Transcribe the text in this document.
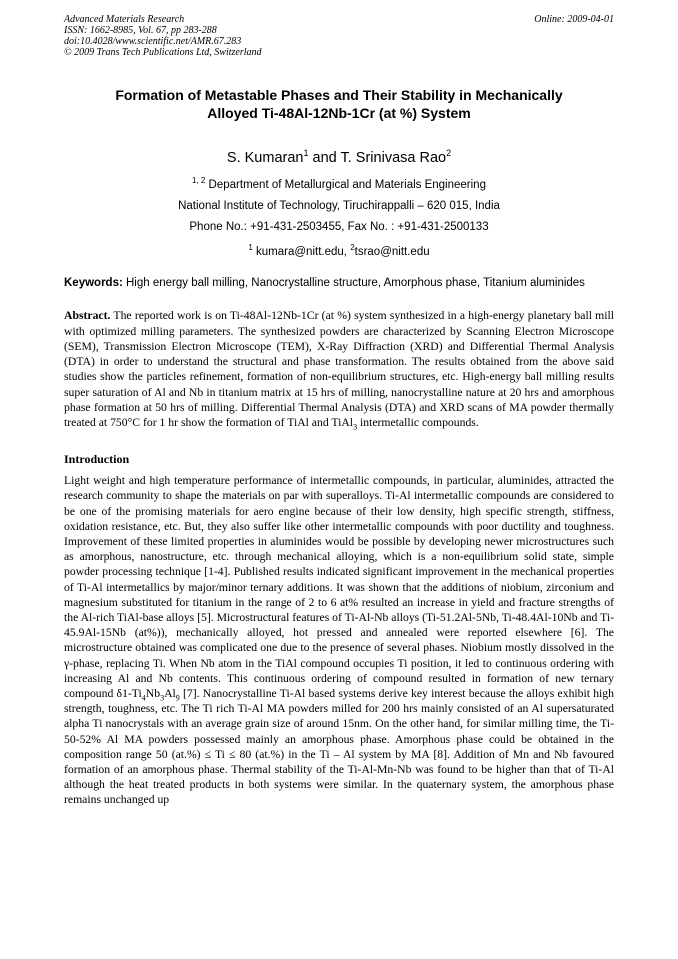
Advanced Materials Research
ISSN: 1662-8985, Vol. 67, pp 283-288
doi:10.4028/www.scientific.net/AMR.67.283
© 2009 Trans Tech Publications Ltd, Switzerland
Online: 2009-04-01
Formation of Metastable Phases and Their Stability in Mechanically
Alloyed Ti-48Al-12Nb-1Cr (at %) System
S. Kumaran$^1$ and T. Srinivasa Rao$^2$
$^{1, 2}$ Department of Metallurgical and Materials Engineering
National Institute of Technology, Tiruchirappalli – 620 015, India
Phone No.: +91-431-2503455, Fax No. : +91-431-2500133
$^1$ kumara@nitt.edu, $^2$tsrao@nitt.edu
Keywords: High energy ball milling, Nanocrystalline structure, Amorphous phase, Titanium aluminides
Abstract. The reported work is on Ti-48Al-12Nb-1Cr (at %) system synthesized in a high-energy planetary ball mill with optimized milling parameters. The synthesized powders are characterized by Scanning Electron Microscope (SEM), Transmission Electron Microscope (TEM), X-Ray Diffraction (XRD) and Differential Thermal Analysis (DTA) in order to understand the structural and phase transformation. The results obtained from the above said studies show the particles refinement, formation of non-equilibrium structures, etc. High-energy ball milling results super saturation of Al and Nb in titanium matrix at 15 hrs of milling, nanocrystalline nature at 20 hrs and amorphous phase formation at 50 hrs of milling. Differential Thermal Analysis (DTA) and XRD scans of MA powder thermally treated at 750°C for 1 hr show the formation of TiAl and TiAl$_3$ intermetallic compounds.
Introduction
Light weight and high temperature performance of intermetallic compounds, in particular, aluminides, attracted the research community to shape the materials on par with superalloys. Ti-Al intermetallic compounds are considered to be one of the promising materials for aero engine because of their low density, high specific strength, stiffness, oxidation resistance, etc. But, they also suffer like other intermetallic compounds with poor ductility and toughness. Improvement of these limited properties in aluminides would be possible by developing newer microstructures such as amorphous, nanostructure, etc. through mechanical alloying, which is a non-equilibrium solid state, simple powder processing technique [1-4]. Published results indicated significant improvement in the mechanical properties of Ti-Al intermetallics by major/minor ternary additions. It was shown that the additions of niobium, zirconium and magnesium substituted for titanium in the range of 2 to 6 at% resulted an increase in yield and fracture strengths of the Al-rich TiAl-base alloys [5]. Microstructural features of Ti-Al-Nb alloys (Ti-51.2Al-5Nb, Ti-48.4Al-10Nb and Ti-45.9Al-15Nb (at%)), mechanically alloyed, hot pressed and annealed were reported elsewhere [6]. The microstructure obtained was complicated one due to the presence of several phases. Niobium mostly dissolved in the γ-phase, replacing Ti. When Nb atom in the TiAl compound occupies Ti position, it led to continuous ordering with increasing Al and Nb contents. This continuous ordering of compound resulted in formation of new ternary compound $\delta 1-Ti_4Nb_3Al_9$ [7]. Nanocrystalline Ti-Al based systems derive key interest because the alloys exhibit high strength, toughness, etc. The Ti rich Ti-Al MA powders milled for 200 hrs mainly consisted of an Al supersaturated alpha Ti nanocrystals with an average grain size of around 15nm. On the other hand, for similar milling time, the Ti-50-52% Al MA powders possessed mainly an amorphous phase. Amorphous phase could be obtained in the composition range 50 (at.%) ≤ Ti ≤ 80 (at.%) in the Ti – Al system by MA [8]. Addition of Mn and Nb favoured formation of an amorphous phase. Thermal stability of the Ti-Al-Mn-Nb was found to be higher than that of Ti-Al although the heat treated products in both systems were similar. In the quaternary system, the amorphous phase remains unchanged up
